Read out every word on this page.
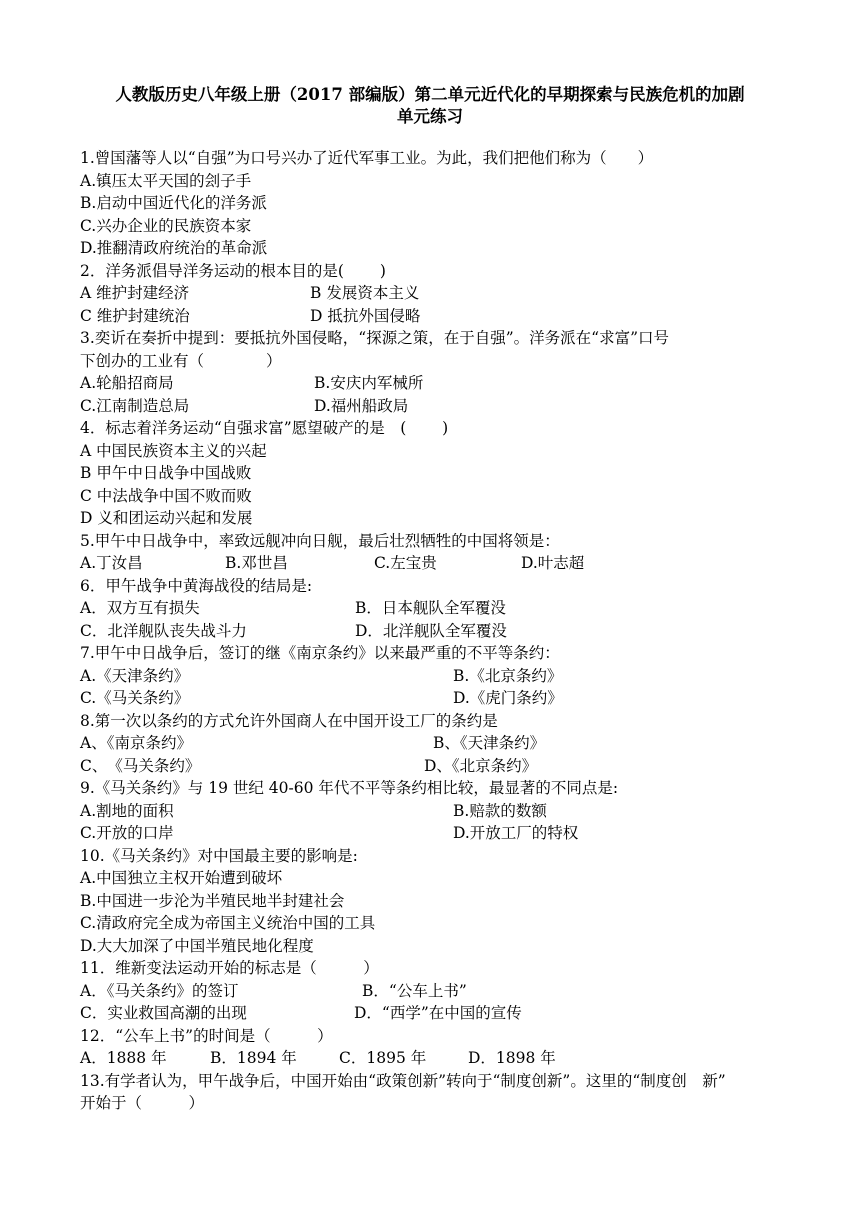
人教版历史八年级上册（2017 部编版）第二单元近代化的早期探索与民族危机的加剧
单元练习
1.曾国藩等人以“自强”为口号兴办了近代军事工业。为此，我们把他们称为（　　）
A.镇压太平天国的刽子手
B.启动中国近代化的洋务派
C.兴办企业的民族资本家
D.推翻清政府统治的革命派
2．洋务派倡导洋务运动的根本目的是(　　 )
A 维护封建经济	B 发展资本主义
C 维护封建统治	D 抵抗外国侵略
3.奕䜣在奏折中提到：要抵抗外国侵略，“探源之策，在于自强”。洋务派在“求富”口号
下创办的工业有（　　　　）
A.轮船招商局	B.安庆内军械所
C.江南制造总局	D.福州船政局
4．标志着洋务运动“自强求富”愿望破产的是　(　　 )
A 中国民族资本主义的兴起
B 甲午中日战争中国战败
C 中法战争中国不败而败
D 义和团运动兴起和发展
5.甲午中日战争中，率致远舰冲向日舰，最后壮烈牺牲的中国将领是：
A.丁汝昌	B.邓世昌	C.左宝贵	D.叶志超
6．甲午战争中黄海战役的结局是:
A．双方互有损失	B．日本舰队全军覆没
C．北洋舰队丧失战斗力	D．北洋舰队全军覆没
7.甲午中日战争后，签订的继《南京条约》以来最严重的不平等条约：
A.《天津条约》	B.《北京条约》
C.《马关条约》	D.《虎门条约》
8.第一次以条约的方式允许外国商人在中国开设工厂的条约是
A、《南京条约》	B、《天津条约》
C、　《马关条约》	D、《北京条约》
9.《马关条约》与 19 世纪 40-60 年代不平等条约相比较，最显著的不同点是:
A.割地的面积	B.赔款的数额
C.开放的口岸	D.开放工厂的特权
10.《马关条约》对中国最主要的影响是:
A.中国独立主权开始遭到破坏
B.中国进一步沦为半殖民地半封建社会
C.清政府完全成为帝国主义统治中国的工具
D.大大加深了中国半殖民地化程度
11．维新变法运动开始的标志是（　　　）
A．《马关条约》的签订	B．“公车上书”
C．实业救国高潮的出现	D．“西学”在中国的宣传
12．“公车上书”的时间是（　　　）
A．1888 年	B．1894 年	C．1895 年	D．1898 年
13.有学者认为，甲午战争后，中国开始由“政策创新”转向于“制度创新”。这里的“制度创　新”
开始于（　　　）
